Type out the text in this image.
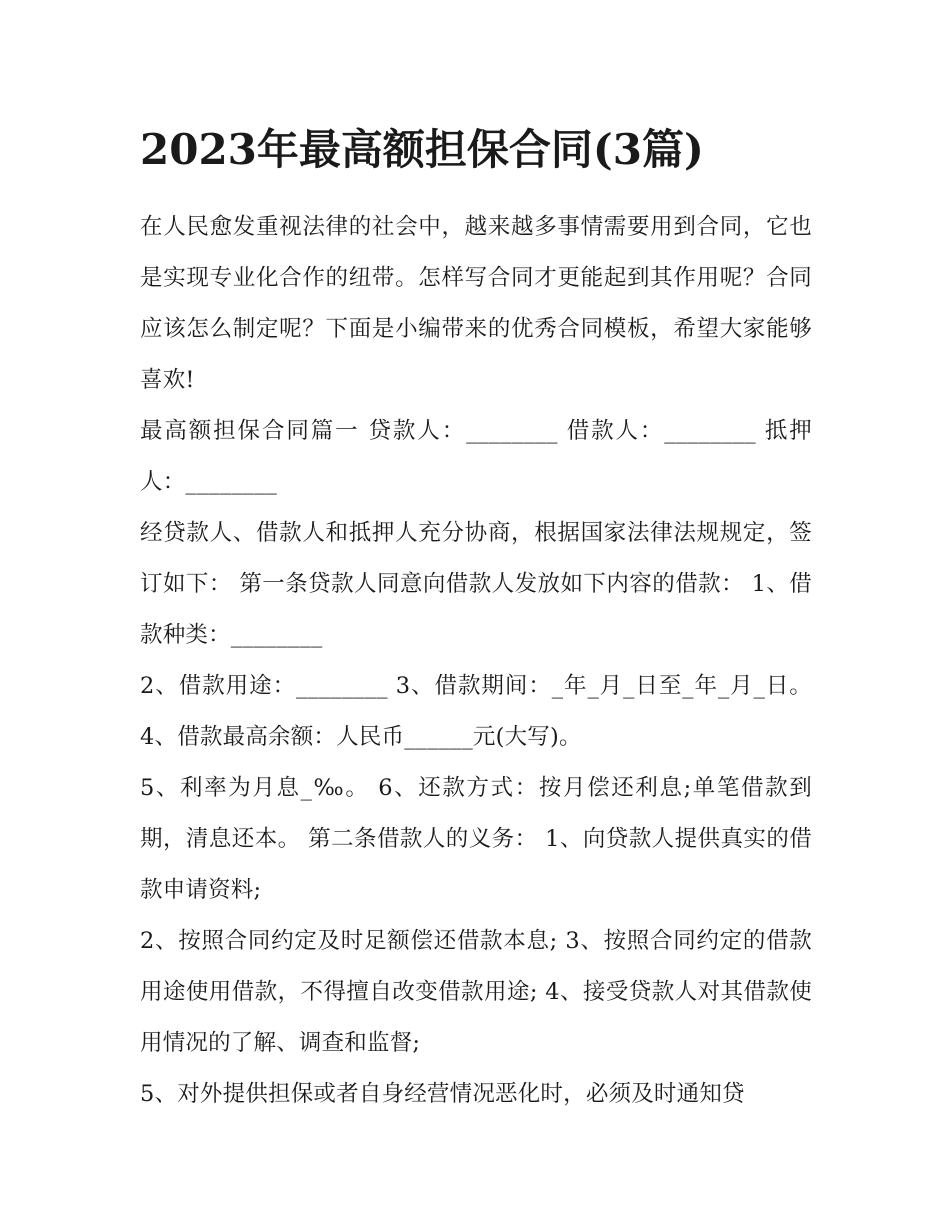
2023年最高额担保合同(3篇)

在人民愈发重视法律的社会中，越来越多事情需要用到合同，它也是实现专业化合作的纽带。怎样写合同才更能起到其作用呢？合同应该怎么制定呢？下面是小编带来的优秀合同模板，希望大家能够喜欢!

最高额担保合同篇一 贷款人：________ 借款人：________ 抵押人：________

经贷款人、借款人和抵押人充分协商，根据国家法律法规规定，签订如下： 第一条贷款人同意向借款人发放如下内容的借款： 1、借款种类：________

2、借款用途：________ 3、借款期间：_年_月_日至_年_月_日。 4、借款最高余额：人民币______元(大写)。

5、利率为月息_‰。 6、还款方式：按月偿还利息;单笔借款到期，清息还本。 第二条借款人的义务： 1、向贷款人提供真实的借款申请资料;

2、按照合同约定及时足额偿还借款本息; 3、按照合同约定的借款用途使用借款，不得擅自改变借款用途; 4、接受贷款人对其借款使用情况的了解、调查和监督;

5、对外提供担保或者自身经营情况恶化时，必须及时通知贷
